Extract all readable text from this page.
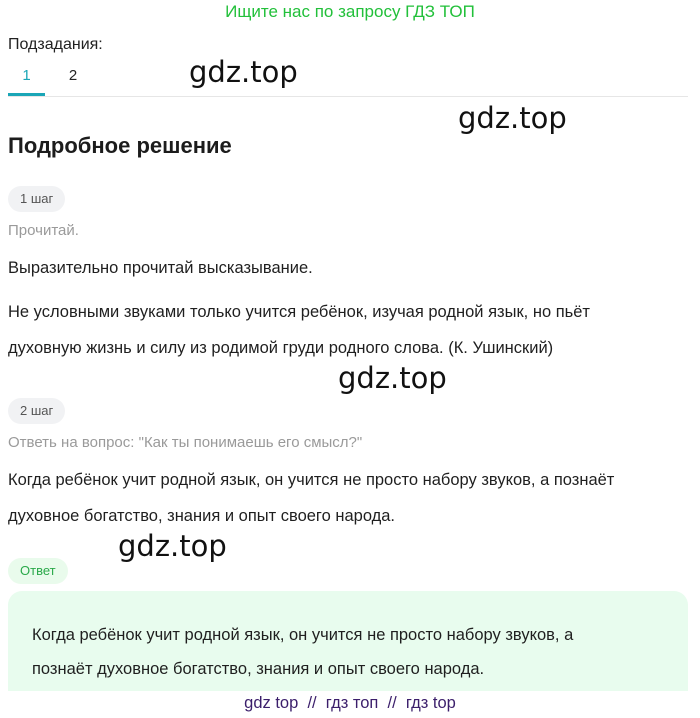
Ищите нас по запросу ГДЗ ТОП
Подзадания:
1	2	gdz.top
gdz.top
Подробное решение
1 шаг
Прочитай.
Выразительно прочитай высказывание.
Не условными звуками только учится ребёнок, изучая родной язык, но пьёт
духовную жизнь и силу из родимой груди родного слова. (К. Ушинский)
gdz.top
2 шаг
Ответь на вопрос: "Как ты понимаешь его смысл?"
Когда ребёнок учит родной язык, он учится не просто набору звуков, а познаёт
духовное богатство, знания и опыт своего народа.
gdz.top
Ответ
Когда ребёнок учит родной язык, он учится не просто набору звуков, а
познаёт духовное богатство, знания и опыт своего народа.
gdz top  //  гдз топ  //  гдз top
